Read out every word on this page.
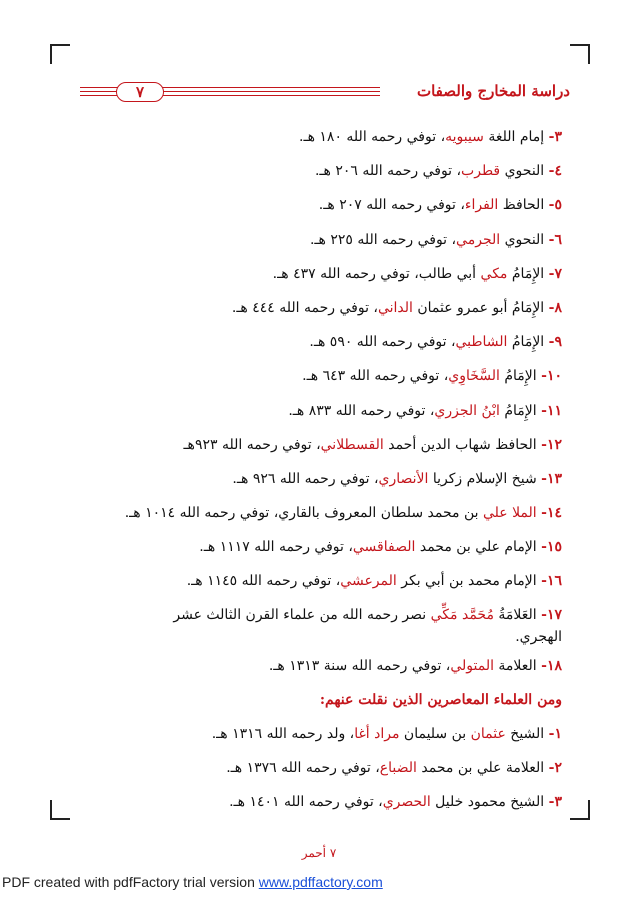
٧	دراسة المخارج والصفات
٣- إمام اللغة سيبويه، توفي رحمه الله ١٨٠ هـ.
٤- النحوي قطرب، توفي رحمه الله ٢٠٦ هـ.
٥- الحافظ الفراء، توفي رحمه الله ٢٠٧ هـ.
٦- النحوي الجرمي، توفي رحمه الله ٢٢٥ هـ.
٧- الإِمَامُ مكي أبي طالب، توفي رحمه الله ٤٣٧ هـ.
٨- الإِمَامُ أبو عمرو عثمان الداني، توفي رحمه الله ٤٤٤ هـ.
٩- الإِمَامُ الشاطبي، توفي رحمه الله ٥٩٠ هـ.
١٠- الإِمَامُ السَّخَاوِي، توفي رحمه الله ٦٤٣ هـ.
١١- الإِمَامُ ابْنُ الجزري، توفي رحمه الله ٨٣٣ هـ.
١٢- الحافظ شهاب الدين أحمد القسطلاني، توفي رحمه الله ٩٢٣هـ
١٣- شيخ الإسلام زكريا الأنصاري، توفي رحمه الله ٩٢٦ هـ.
١٤- الملا علي بن محمد سلطان المعروف بالقاري، توفي رحمه الله ١٠١٤ هـ.
١٥- الإمام علي بن محمد الصفاقسي، توفي رحمه الله ١١١٧ هـ.
١٦- الإمام محمد بن أبي بكر المرعشي، توفي رحمه الله ١١٤٥ هـ.
١٧- العَلامَةُ مُحَمَّد مَكِّي نصر رحمه الله من علماء القرن الثالث عشر
الهجري.
١٨- العلامة المتولي، توفي رحمه الله سنة ١٣١٣ هـ.
ومن العلماء المعاصرين الذين نقلت عنهم:
١- الشيخ عثمان بن سليمان مراد أغا، ولد رحمه الله ١٣١٦ هـ.
٢- العلامة علي بن محمد الضباع، توفي رحمه الله ١٣٧٦ هـ.
٣- الشيخ محمود خليل الحصري، توفي رحمه الله ١٤٠١ هـ.
٧ أحمر
PDF created with pdfFactory trial version www.pdffactory.com
